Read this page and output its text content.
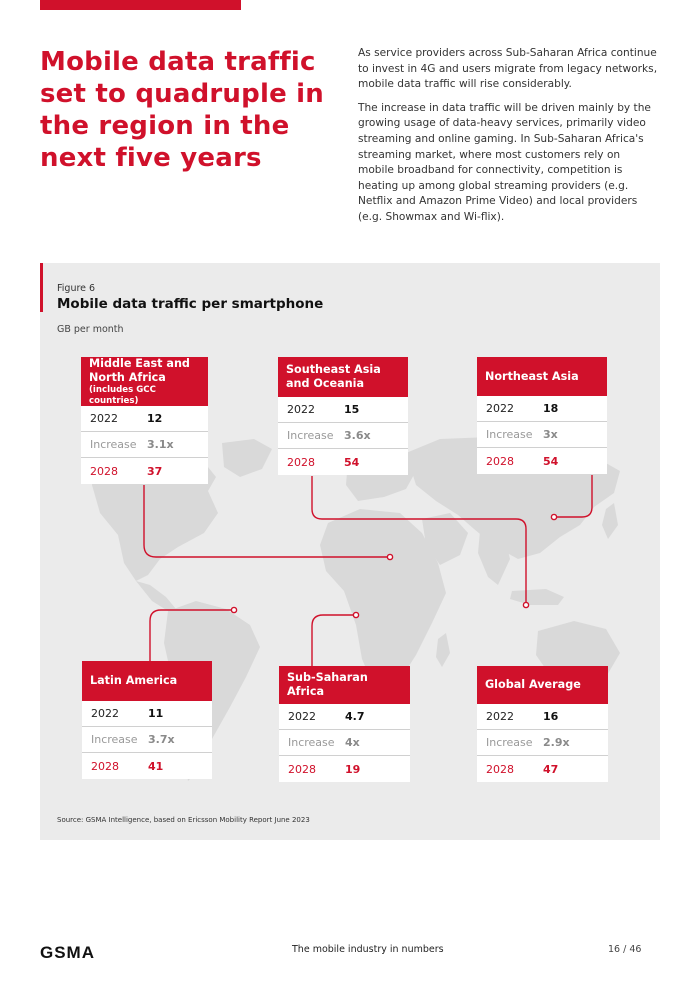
Mobile data traffic set to quadruple in the region in the next five years

As service providers across Sub-Saharan Africa continue to invest in 4G and users migrate from legacy networks, mobile data traffic will rise considerably.

The increase in data traffic will be driven mainly by the growing usage of data-heavy services, primarily video streaming and online gaming. In Sub-Saharan Africa's streaming market, where most customers rely on mobile broadband for connectivity, competition is heating up among global streaming providers (e.g. Netflix and Amazon Prime Video) and local providers (e.g. Showmax and Wi-flix).

Figure 6
Mobile data traffic per smartphone
GB per month
Middle East and North Africa
(includes GCC countries)
2022	12
Increase 3.1x
2028	37
Southeast Asia and Oceania
2022	15
Increase 3.6x
2028	54
Northeast Asia
2022	18
Increase 3x
2028	54
Latin America
2022	11
Increase 3.7x
2028	41
Sub-Saharan Africa
2022	4.7
Increase 4x
2028	19
Global Average
2022	16
Increase 2.9x
2028	47
Source: GSMA Intelligence, based on Ericsson Mobility Report June 2023
GSMA	The mobile industry in numbers	16 / 46
